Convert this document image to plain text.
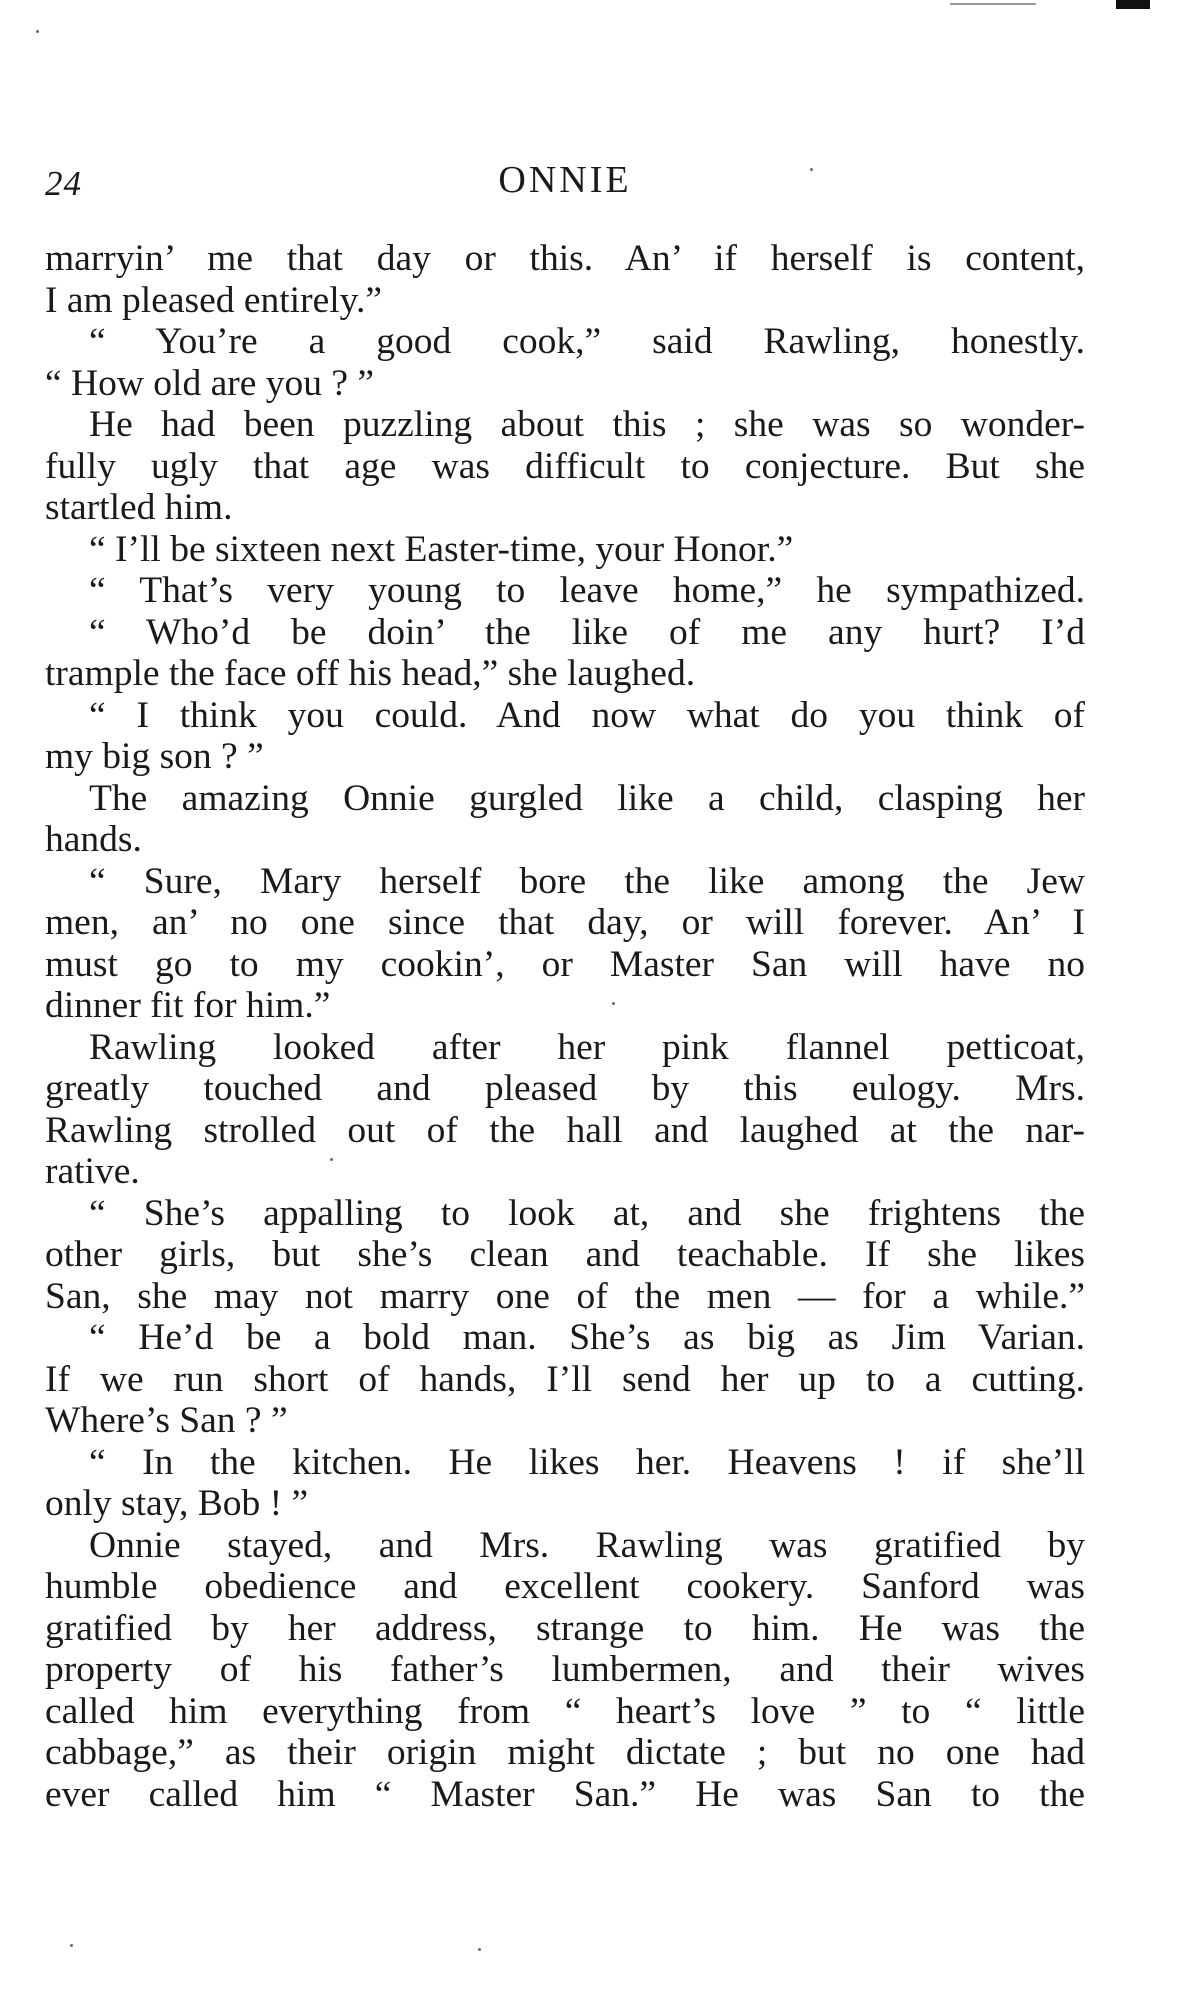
24	ONNIE
marryin’ me that day or this. An’ if herself is content,
I am pleased entirely.”
“ You’re a good cook,” said Rawling, honestly.
“ How old are you ? ”
He had been puzzling about this ; she was so wonder-
fully ugly that age was difficult to conjecture. But she
startled him.
“ I’ll be sixteen next Easter-time, your Honor.”
“ That’s very young to leave home,” he sympathized.
“ Who’d be doin’ the like of me any hurt? I’d
trample the face off his head,” she laughed.
“ I think you could. And now what do you think of
my big son ? ”
The amazing Onnie gurgled like a child, clasping her
hands.
“ Sure, Mary herself bore the like among the Jew
men, an’ no one since that day, or will forever. An’ I
must go to my cookin’, or Master San will have no
dinner fit for him.”
Rawling looked after her pink flannel petticoat,
greatly touched and pleased by this eulogy. Mrs.
Rawling strolled out of the hall and laughed at the nar-
rative.
“ She’s appalling to look at, and she frightens the
other girls, but she’s clean and teachable. If she likes
San, she may not marry one of the men — for a while.”
“ He’d be a bold man. She’s as big as Jim Varian.
If we run short of hands, I’ll send her up to a cutting.
Where’s San ? ”
“ In the kitchen. He likes her. Heavens ! if she’ll
only stay, Bob ! ”
Onnie stayed, and Mrs. Rawling was gratified by
humble obedience and excellent cookery. Sanford was
gratified by her address, strange to him. He was the
property of his father’s lumbermen, and their wives
called him everything from “ heart’s love ” to “ little
cabbage,” as their origin might dictate ; but no one had
ever called him “ Master San.” He was San to the
